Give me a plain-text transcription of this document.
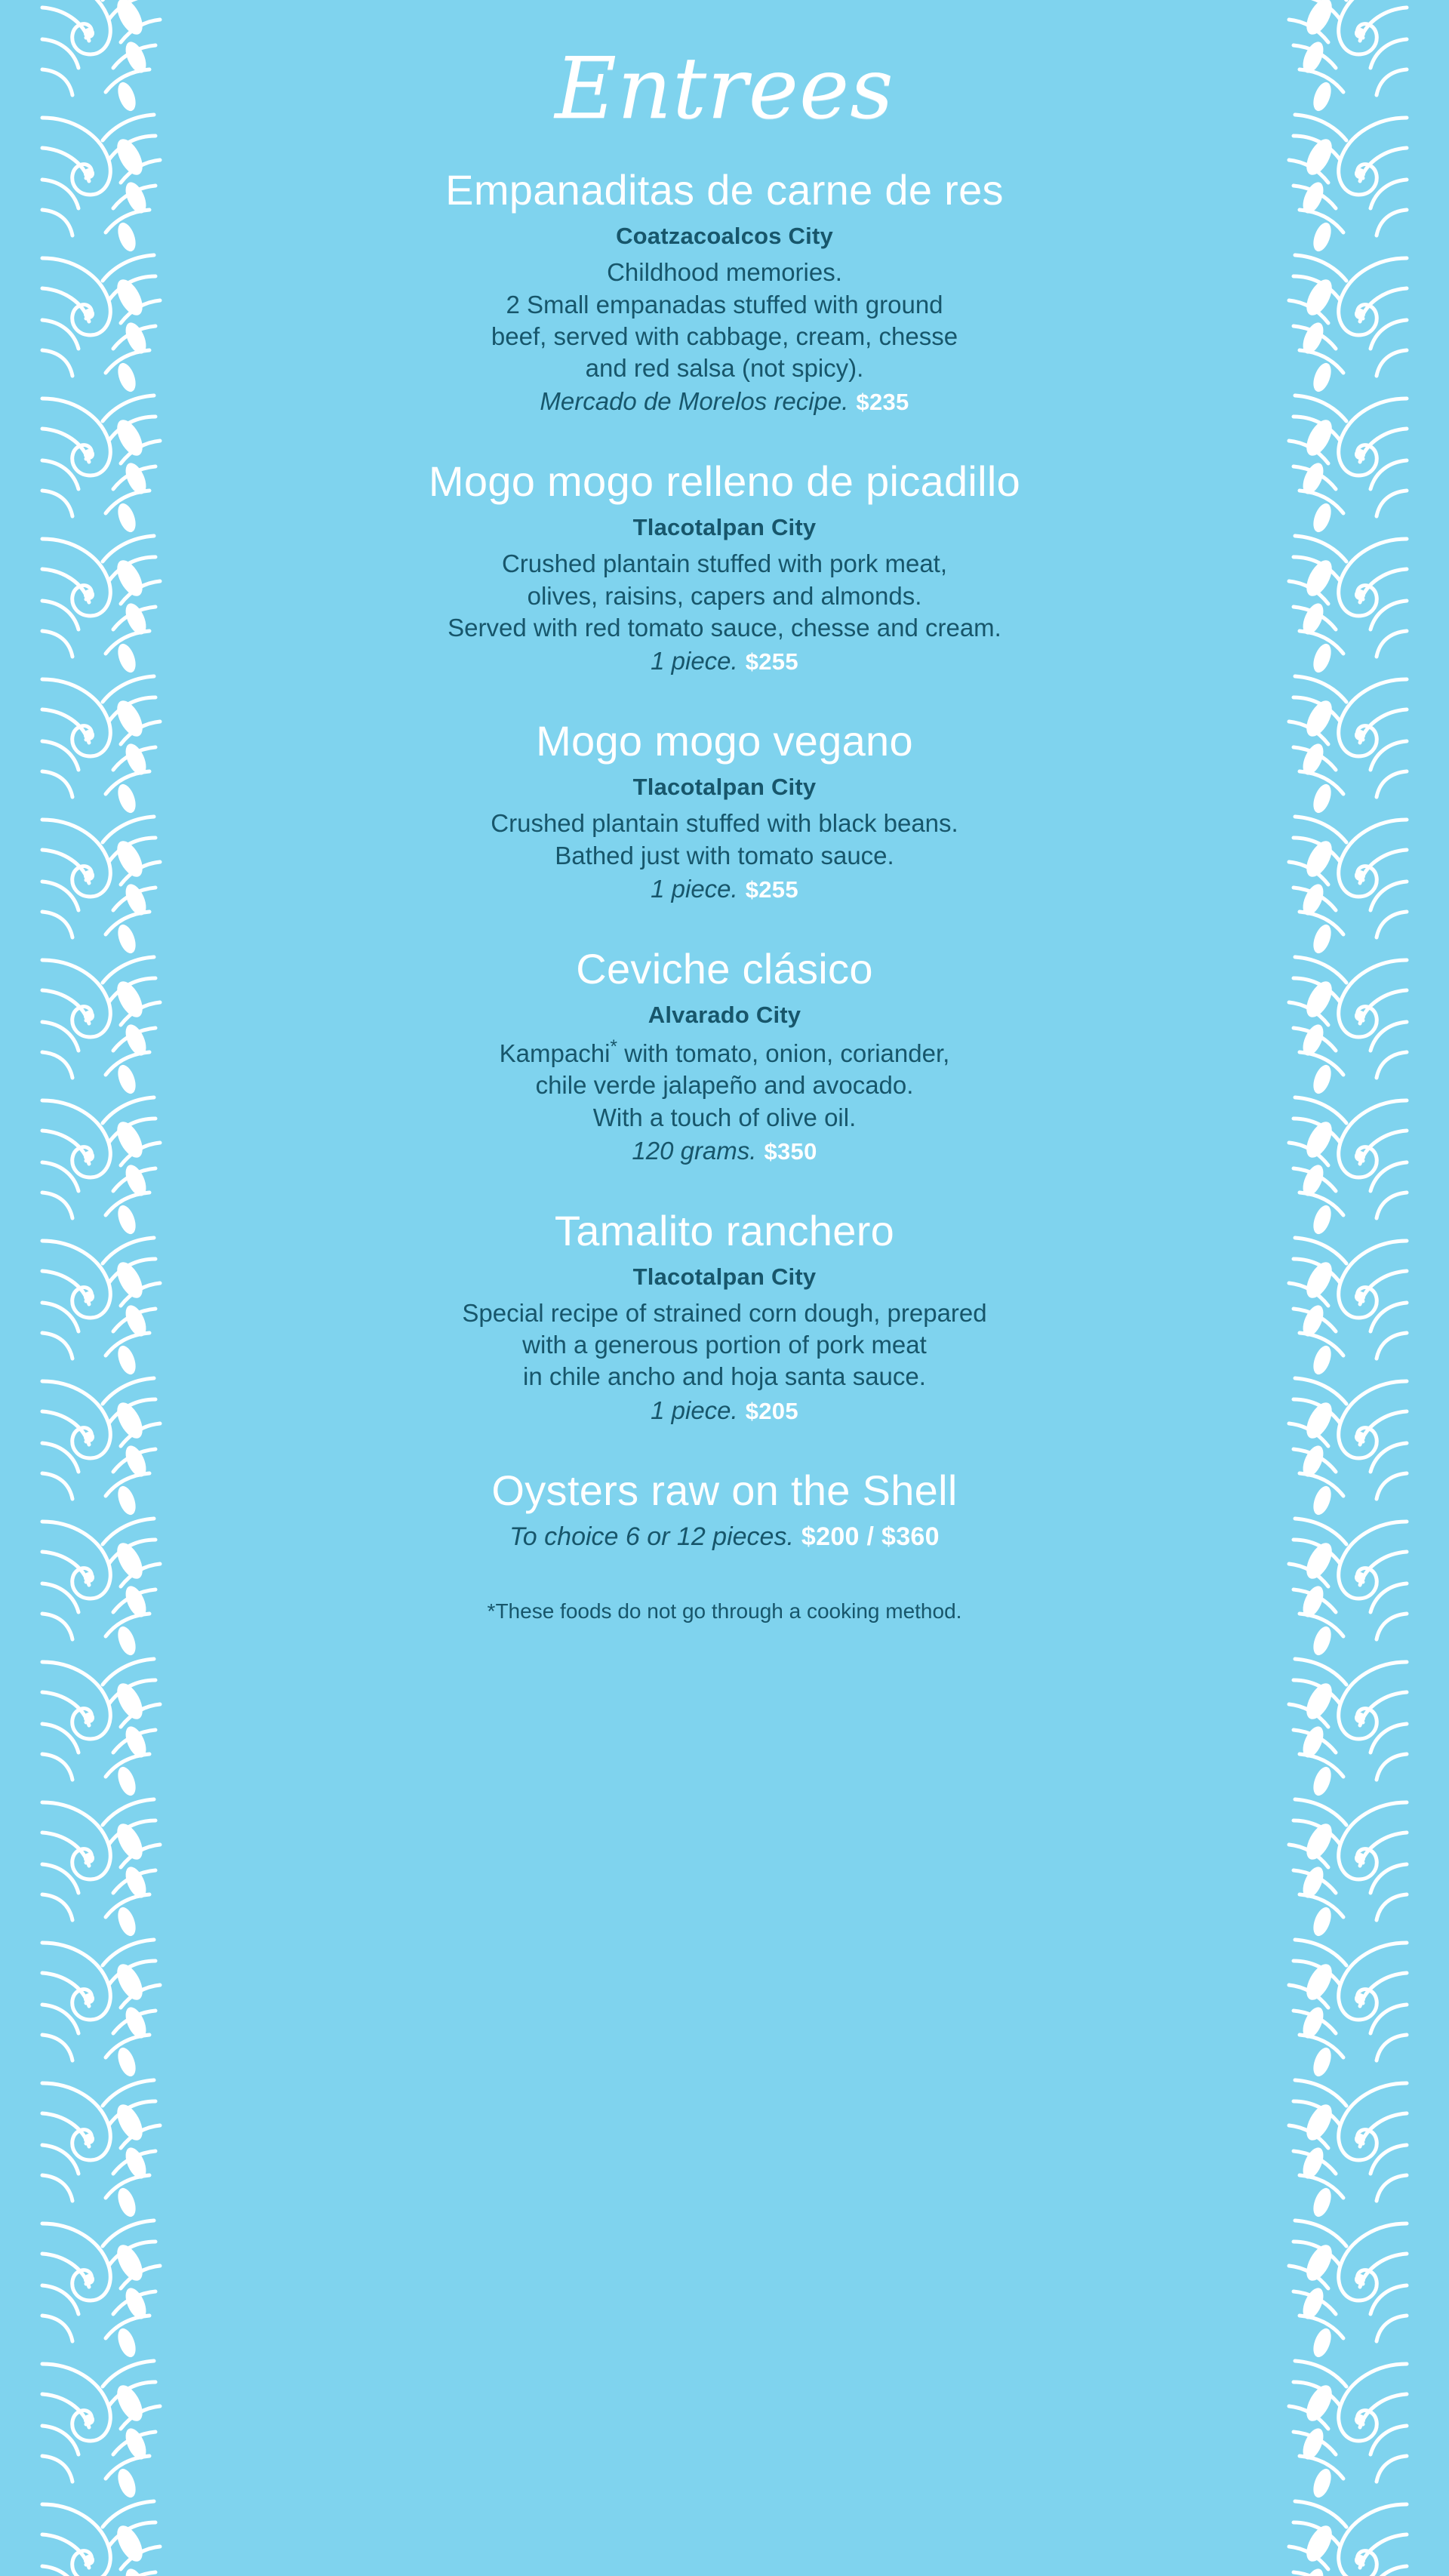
Entrees
Empanaditas de carne de res
Coatzacoalcos City
Childhood memories.
2 Small empanadas stuffed with ground
beef, served with cabbage, cream, chesse
and red salsa (not spicy).
Mercado de Morelos recipe. $235
Mogo mogo relleno de picadillo
Tlacotalpan City
Crushed plantain stuffed with pork meat,
olives, raisins, capers and almonds.
Served with red tomato sauce, chesse and cream.
1 piece. $255
Mogo mogo vegano
Tlacotalpan City
Crushed plantain stuffed with black beans.
Bathed just with tomato sauce.
1 piece. $255
Ceviche clásico
Alvarado City
Kampachi* with tomato, onion, coriander,
chile verde jalapeño and avocado.
With a touch of olive oil.
120 grams. $350
Tamalito ranchero
Tlacotalpan City
Special recipe of strained corn dough, prepared
with a generous portion of pork meat
in chile ancho and hoja santa sauce.
1 piece. $205
Oysters raw on the Shell
To choice 6 or 12 pieces. $200 / $360
*These foods do not go through a cooking method.
